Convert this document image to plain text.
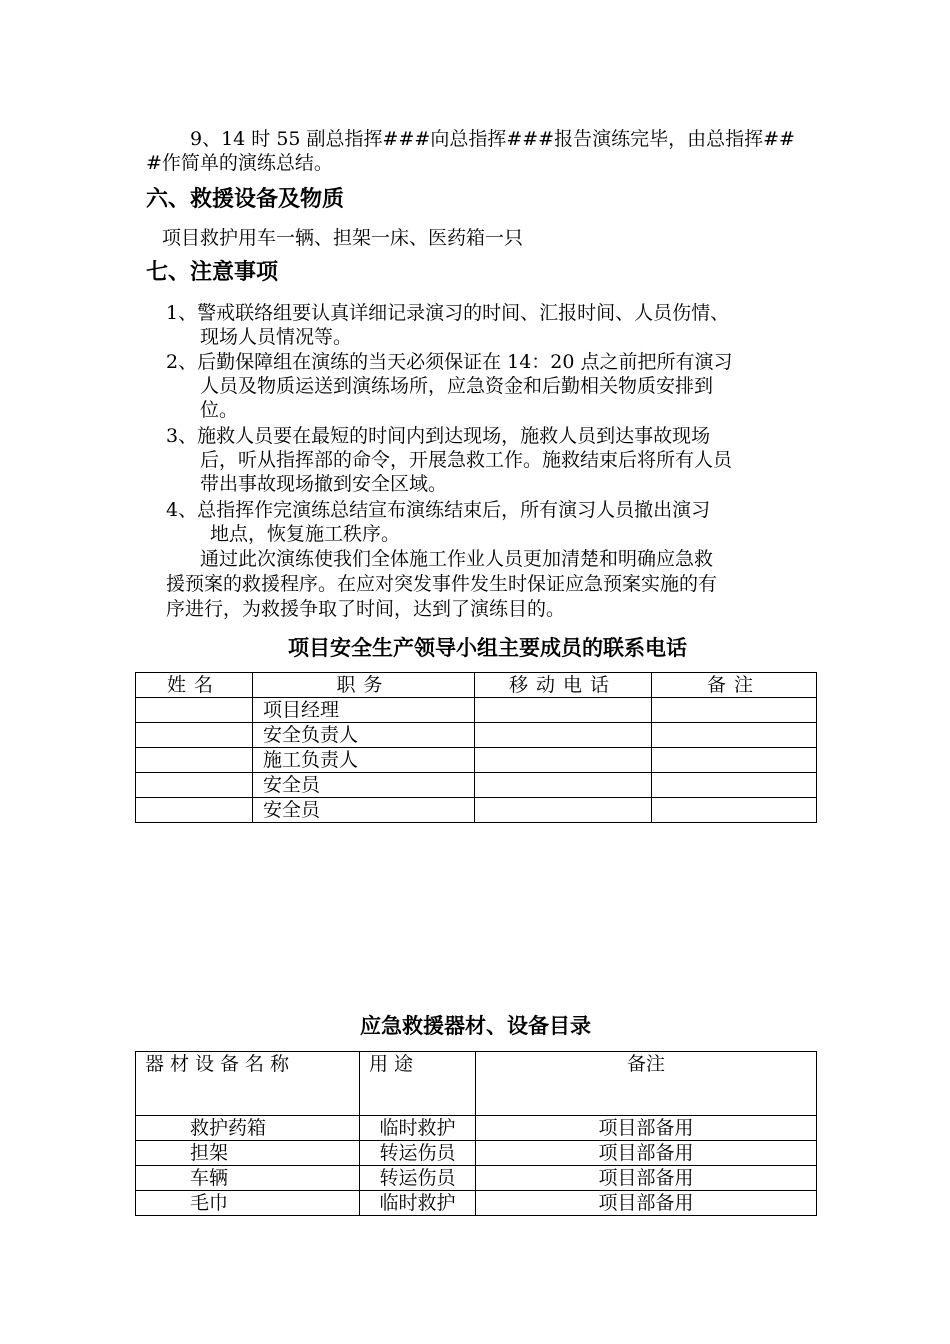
9、14 时 55 副总指挥###向总指挥###报告演练完毕，由总指挥##
#作简单的演练总结。
六、救援设备及物质
项目救护用车一辆、担架一床、医药箱一只
七、注意事项
1、警戒联络组要认真详细记录演习的时间、汇报时间、人员伤情、
现场人员情况等。
2、后勤保障组在演练的当天必须保证在 14：20 点之前把所有演习
人员及物质运送到演练场所，应急资金和后勤相关物质安排到
位。
3、施救人员要在最短的时间内到达现场，施救人员到达事故现场
后，听从指挥部的命令，开展急救工作。施救结束后将所有人员
带出事故现场撤到安全区域。
4、总指挥作完演练总结宣布演练结束后，所有演习人员撤出演习
地点，恢复施工秩序。
通过此次演练使我们全体施工作业人员更加清楚和明确应急救
援预案的救援程序。在应对突发事件发生时保证应急预案实施的有
序进行，为救援争取了时间，达到了演练目的。
项目安全生产领导小组主要成员的联系电话
姓名	职务	移动电话	备注
	项目经理		
	安全负责人		
	施工负责人		
	安全员		
	安全员		
应急救援器材、设备目录
器材设备名称	用途	备注
救护药箱	临时救护	项目部备用
担架	转运伤员	项目部备用
车辆	转运伤员	项目部备用
毛巾	临时救护	项目部备用
